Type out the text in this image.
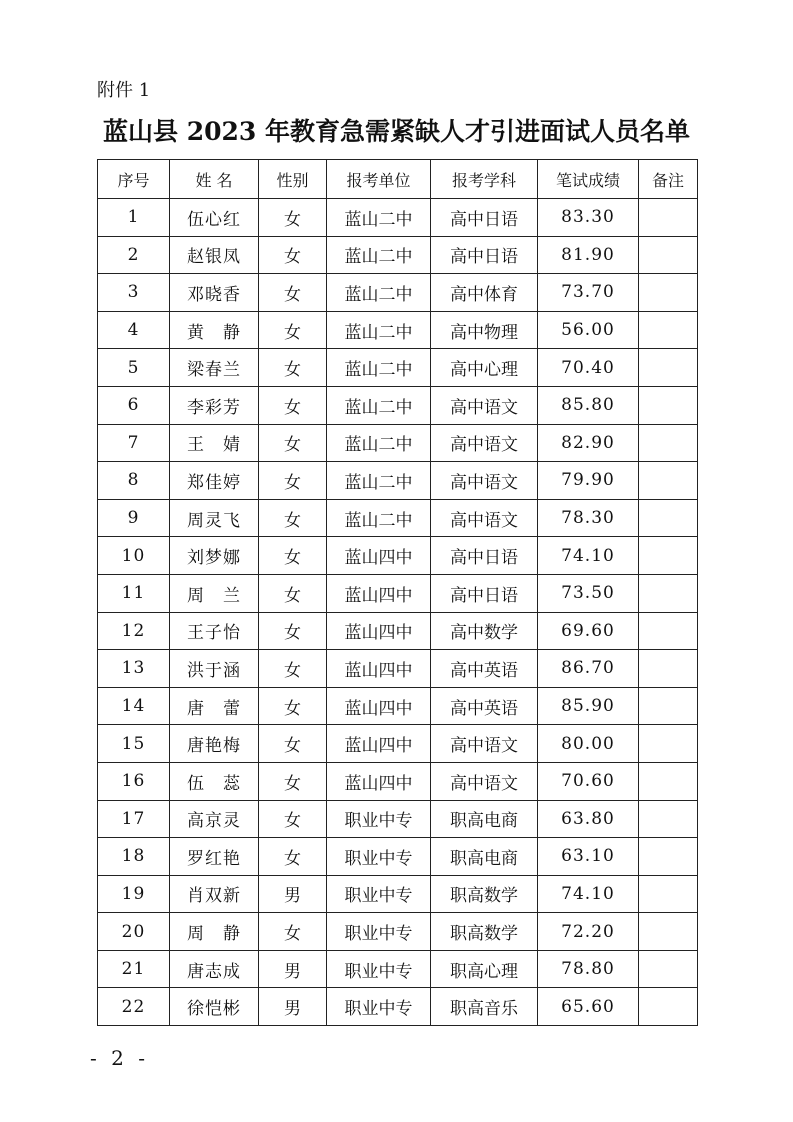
附件 1
蓝山县 2023 年教育急需紧缺人才引进面试人员名单
序号	姓 名	性别	报考单位	报考学科	笔试成绩	备注
1	伍心红	女	蓝山二中	高中日语	83.30	
2	赵银凤	女	蓝山二中	高中日语	81.90	
3	邓晓香	女	蓝山二中	高中体育	73.70	
4	黄　静	女	蓝山二中	高中物理	56.00	
5	梁春兰	女	蓝山二中	高中心理	70.40	
6	李彩芳	女	蓝山二中	高中语文	85.80	
7	王　婧	女	蓝山二中	高中语文	82.90	
8	郑佳婷	女	蓝山二中	高中语文	79.90	
9	周灵飞	女	蓝山二中	高中语文	78.30	
10	刘梦娜	女	蓝山四中	高中日语	74.10	
11	周　兰	女	蓝山四中	高中日语	73.50	
12	王子怡	女	蓝山四中	高中数学	69.60	
13	洪于涵	女	蓝山四中	高中英语	86.70	
14	唐　蕾	女	蓝山四中	高中英语	85.90	
15	唐艳梅	女	蓝山四中	高中语文	80.00	
16	伍　蕊	女	蓝山四中	高中语文	70.60	
17	高京灵	女	职业中专	职高电商	63.80	
18	罗红艳	女	职业中专	职高电商	63.10	
19	肖双新	男	职业中专	职高数学	74.10	
20	周　静	女	职业中专	职高数学	72.20	
21	唐志成	男	职业中专	职高心理	78.80	
22	徐恺彬	男	职业中专	职高音乐	65.60	
- 2 -
